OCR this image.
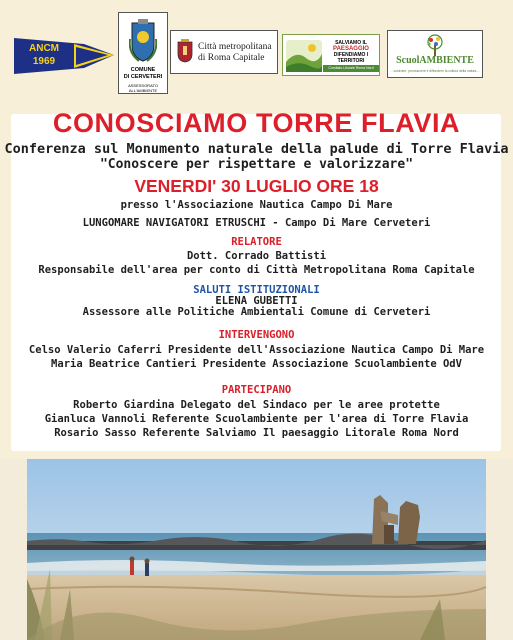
ANCM
1969
COMUNE
DI CERVETERI
ASSESSORATO
ALL'AMBIENTE
Città metropolitana
di Roma Capitale
SALVIAMO IL
PAESAGGIO
DIFENDIAMO I TERRITORI
Comitato Litorale Roma Nord
ScuolAMBIENTE
…costruire, promuovere e diffondere la cultura della natura…
CONOSCIAMO TORRE FLAVIA
Conferenza sul Monumento naturale della palude di Torre Flavia
"Conoscere per rispettare e valorizzare"
VENERDI' 30 LUGLIO ORE 18
presso l'Associazione Nautica Campo Di Mare
LUNGOMARE NAVIGATORI ETRUSCHI - Campo Di Mare Cerveteri
RELATORE
Dott. Corrado Battisti
Responsabile dell'area per conto di Città Metropolitana Roma Capitale
SALUTI ISTITUZIONALI
ELENA GUBETTI
Assessore alle Politiche Ambientali Comune di Cerveteri
INTERVENGONO
Celso Valerio Caferri Presidente dell'Associazione Nautica Campo Di Mare
Maria Beatrice Cantieri Presidente Associazione Scuolambiente OdV
PARTECIPANO
Roberto Giardina Delegato del Sindaco per le aree protette
Gianluca Vannoli Referente Scuolambiente per l'area di Torre Flavia
Rosario Sasso Referente Salviamo Il paesaggio Litorale Roma Nord
